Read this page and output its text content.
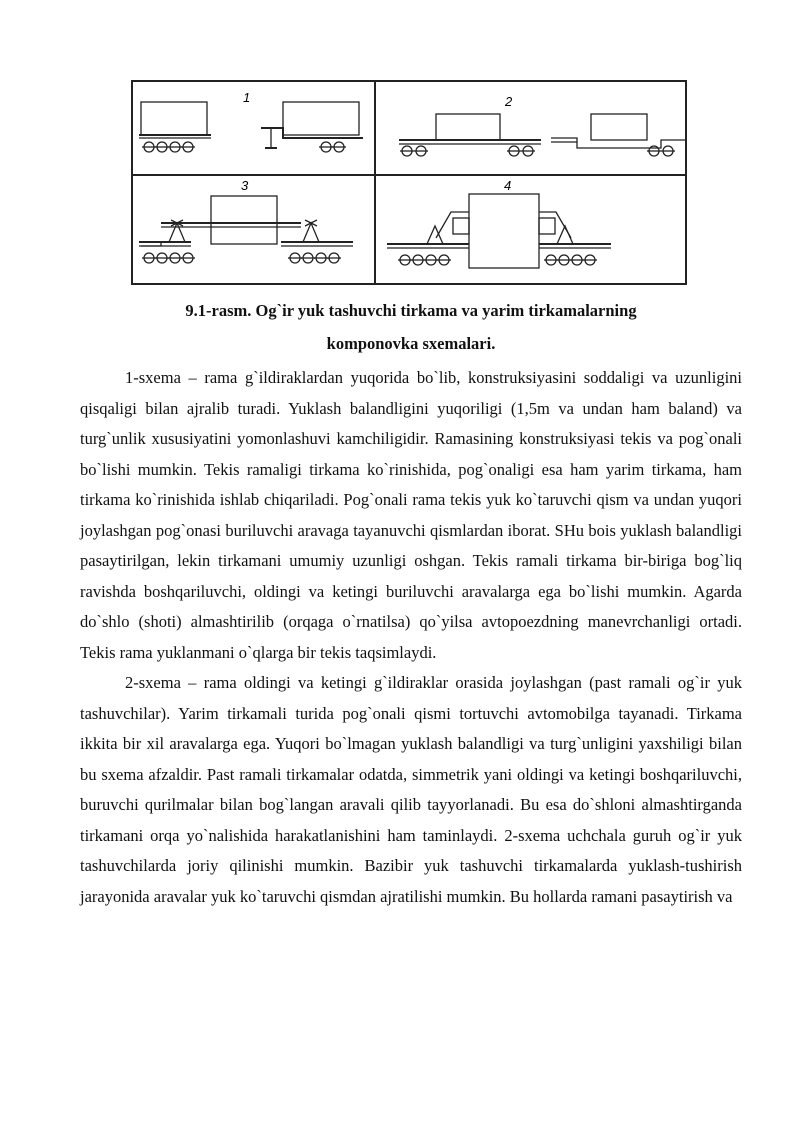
1	2
3	4
9.1-rasm. Og`ir yuk tashuvchi tirkama va yarim tirkamalarning
komponovka sxemalari.

1-sxema – rama g`ildiraklardan yuqorida bo`lib, konstruksiyasini soddaligi va uzunligini qisqaligi bilan ajralib turadi. Yuklash balandligini yuqoriligi (1,5m va undan ham baland) va turg`unlik xususiyatini yomonlashuvi kamchiligidir. Ramasining konstruksiyasi tekis va pog`onali bo`lishi mumkin. Tekis ramaligi tirkama ko`rinishida, pog`onaligi esa ham yarim tirkama, ham tirkama ko`rinishida ishlab chiqariladi. Pog`onali rama tekis yuk ko`taruvchi qism va undan yuqori joylashgan pog`onasi buriluvchi aravaga tayanuvchi qismlardan iborat. SHu bois yuklash balandligi pasaytirilgan, lekin tirkamani umumiy uzunligi oshgan. Tekis ramali tirkama bir-biriga bog`liq ravishda boshqariluvchi, oldingi va ketingi buriluvchi aravalarga ega bo`lishi mumkin. Agarda do`shlo (shoti) almashtirilib (orqaga o`rnatilsa) qo`yilsa avtopoezdning manevrchanligi ortadi. Tekis rama yuklanmani o`qlarga bir tekis taqsimlaydi.

2-sxema – rama oldingi va ketingi g`ildiraklar orasida joylashgan (past ramali og`ir yuk tashuvchilar). Yarim tirkamali turida pog`onali qismi tortuvchi avtomobilga tayanadi. Tirkama ikkita bir xil aravalarga ega. Yuqori bo`lmagan yuklash balandligi va turg`unligini yaxshiligi bilan bu sxema afzaldir. Past ramali tirkamalar odatda, simmetrik yani oldingi va ketingi boshqariluvchi, buruvchi qurilmalar bilan bog`langan aravali qilib tayyorlanadi. Bu esa do`shloni almashtirganda tirkamani orqa yo`nalishida harakatlanishini ham taminlaydi. 2-sxema uchchala guruh og`ir yuk tashuvchilarda joriy qilinishi mumkin. Bazibir yuk tashuvchi tirkamalarda yuklash-tushirish jarayonida aravalar yuk ko`taruvchi qismdan ajratilishi mumkin. Bu hollarda ramani pasaytirish va
